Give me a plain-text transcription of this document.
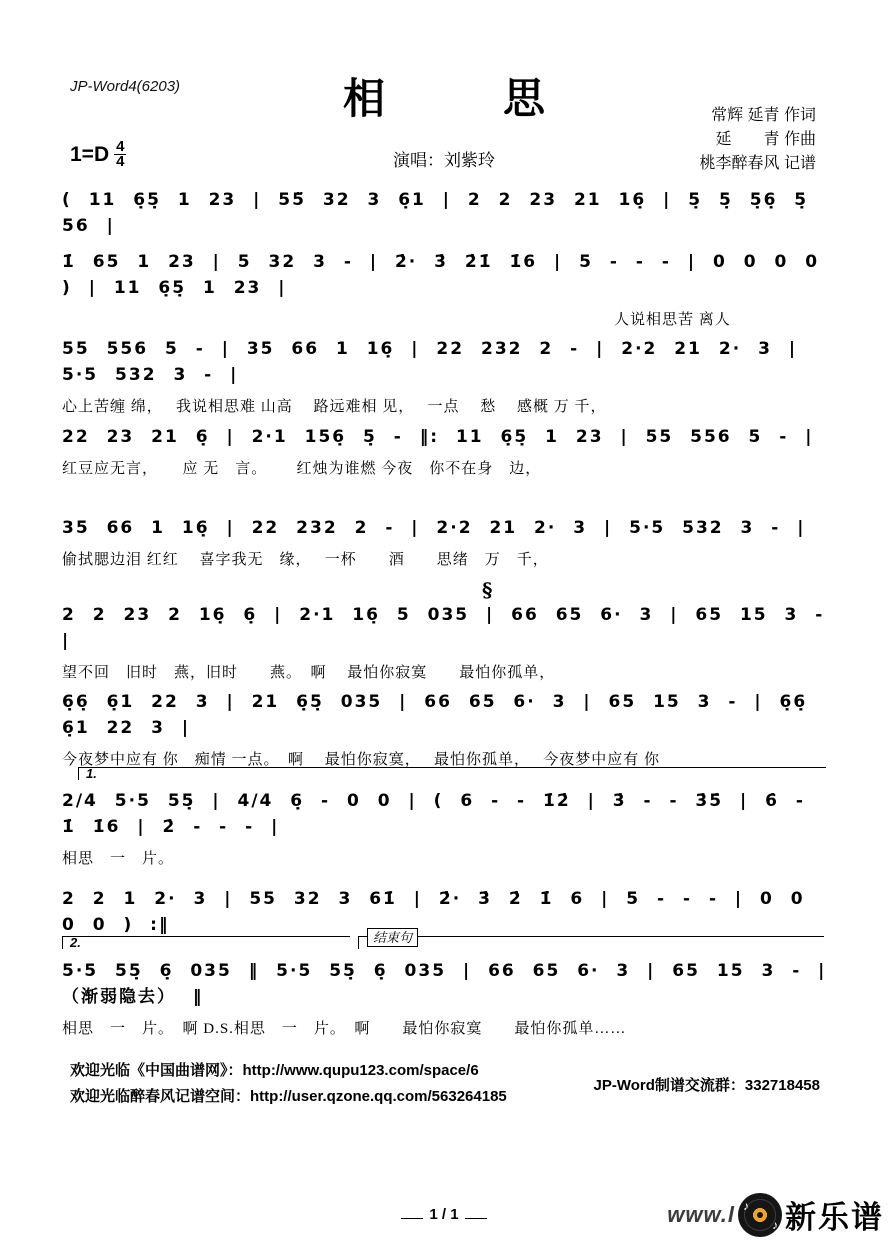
JP-Word4(6203)	相思
$1=D \frac{4}{4}$	演唱：刘紫玲
常辉 延青 作词
延　　青 作曲
桃李醉春风 记谱
( 11 6̣5̣ 1 23 | 55̈ 32 3 6̣1 | 2 2 23 21 16̣ | 5̣ 5̣ 5̣6̣ 5̣ 56 |
1̇ 65 1 23 | 5 32 3 - | 2̇· 3̇ 2̇1̇ 1̇6 | 5 - - - | 0 0 0 0 ) | 11 6̣5̣ 1 23 |
人说相思苦 离人
55 556 5 - | 35 66 1 16̣ | 22 232 2 - | 2·2 21 2· 3 | 5·5 532 3 - |
心上苦缠 绵，　 我说相思难 山高　 路远难相 见，　 一点　 愁　 感概 万 千，
22 23 21 6̣ | 2·1 156̣ 5̣ - ‖: 11 6̣5̣ 1 23 | 55 556 5 - |
红豆应无言，　　应 无　言。　　 红烛为谁燃 今夜　你不在身　边，
35 66 1 16̣ | 22 232 2 - | 2·2 21 2· 3 | 5·5 532 3 - |
偷拭腮边泪 红红　 喜字我无　缘，　 一杯　　酒　　思绪　万　千，
§
2 2 23 2 16̣ 6̣ | 2·1 16̣ 5 035 | 66 65 6· 3 | 65 15 3 - |
望不回　旧时　燕，旧时　　燕。　啊　 最怕你寂寞　　最怕你孤单，
6̣6̣ 6̣1 22 3 | 21 6̣5̣ 035 | 66 65 6· 3 | 65 15 3 - | 6̣6̣ 6̣1 22 3 |
今夜梦中应有 你　痴情 一点。　啊　 最怕你寂寞，　 最怕你孤单，　 今夜梦中应有 你
1.
2/4 5·5 55̣ | 4/4 6̣ - 0 0 | ( 6 - - 1̇2̇ | 3̇ - - 3̇5̇ | 6̇ - 1̇ 1̇6 | 2̇ - - - |
相思　一　片。
2 2 1 2· 3 | 55 32 3 61̇ | 2̇· 3̇ 2̇ 1̇ 6 | 5 - - - | 0 0 0 0 ) :‖
2.	结束句
5·5 55̣ 6̣ 035 ‖ 5·5 55̣ 6̣ 035 | 66 65 6· 3 | 65 15 3 - | （渐弱隐去） ‖
相思　一　片。　啊 D.S.相思　一　片。　啊　　最怕你寂寞　　最怕你孤单……
欢迎光临《中国曲谱网》：http://www.qupu123.com/space/6
欢迎光临醉春风记谱空间：http://user.qzone.qq.com/563264185
JP-Word制谱交流群：332718458
1 / 1	www.l ♪
♪ 新乐谱
